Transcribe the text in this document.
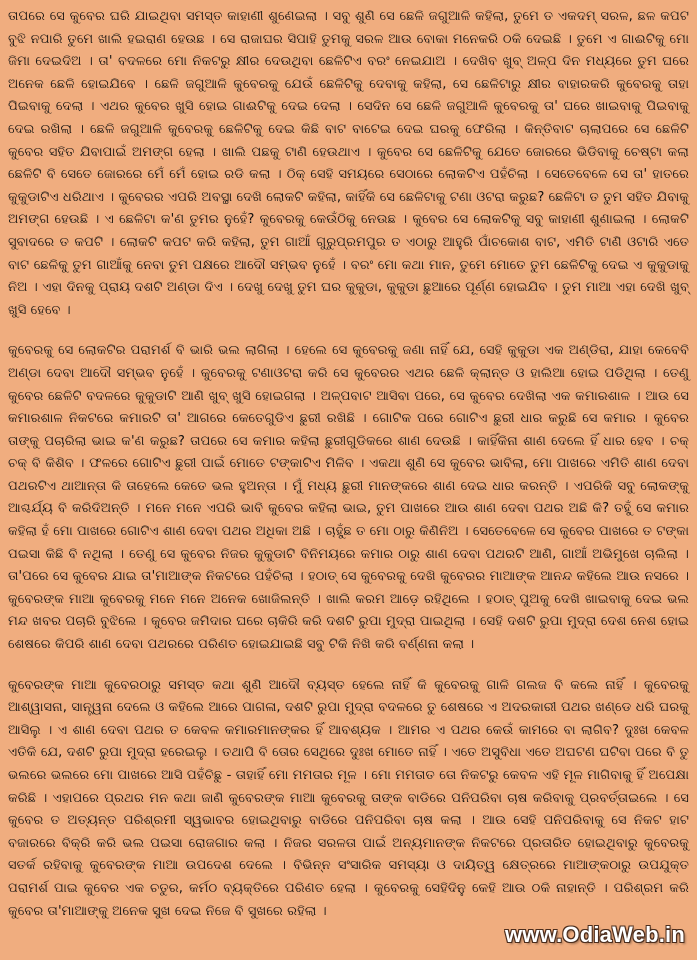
ତାପରେ ସେ କୁବେର ଘରି ଯାଇଥିବା ସମସ୍ତ କାହାଣୀ ଶୁଣେଇଲା । ସବୁ ଶୁଣି ସେ ଛେଳି ଜଗୁଆଳି କହିଲା, ତୁମେ ତ ଏକଦମ୍ ସରଳ, ଛଳ କପଟ ବୁଝି ନପାରି ତୁମେ ଖାଲି ହଇରାଣ ହେଉଛ । ସେ ରାଜାଘର ସିପାହି ତୁମକୁ ସରଳ ଆଉ ବୋକା ମନେକରି ଠକି ଦେଇଛି । ତୁମେ ଏ ଗାଈଟିକୁ ମୋ ଜିମା ଦେଇଦିଅ । ତା' ବଦଳରେ ମୋ ନିକଟରୁ କ୍ଷୀର ଦେଉଥିବା ଛେଳିଟିଏ ବରଂ ନେଇଯାଅ । ଦେଖିବ ଖୁବ୍ ଅଳ୍ପ ଦିନ ମଧ୍ୟରେ ତୁମ ଘରେ ଅନେକ ଛେଳି ହୋଇଯିବେ । ଛେଳି ଜଗୁଆଳି କୁବେରକୁ ଯେଉଁ ଛେଳିଟିକୁ ଦେବାକୁ କହିଲା, ସେ ଛେଳିଟାରୁ କ୍ଷୀର ବାହାରକରି କୁବେରକୁ ତାହା ପିଇବାକୁ ଦେଲା । ଏଥର କୁବେର ଖୁସି ହୋଇ ଗାଈଟିକୁ ଦେଇ ଦେଲା । ସେଦିନ ସେ ଛେଳି ଜଗୁଆଳି କୁବେରକୁ ତା' ଘରେ ଖାଇବାକୁ ପିଇବାକୁ ଦେଇ ରଖିଲା । ଛେଳି ଜଗୁଆଳି କୁବେରକୁ ଛେଳିଟିକୁ ଦେଇ କିଛି ବାଟ ବାଟେଇ ଦେଇ ଘରକୁ ଫେରିଲା । କିନ୍ତିବାଟ ଚାଲାପରେ ସେ ଛେଳିଟି କୁବେର ସହିତ ଯିବାପାଇଁ ଅମଙ୍ଗ ହେଲା । ଖାଲି ପଛକୁ ଟାଣି ହେଉଥାଏ । କୁବେର ସେ ଛେଳିଟିକୁ ଯେତେ ଜୋରରେ ଭିଡିବାକୁ ଚେଷ୍ଟା କଲା ଛେଳିଟି ବି ସେତେ ଜୋରରେ ମେଁ ମେଁ ହୋଇ ରଡି କଲା । ଠିକ୍ ସେହି ସମୟରେ ସେଠାରେ ଲୋକଟିଏ ପହଁଚିଲା । ସେତେବେଳେ ସେ ତା' ହାତରେ କୁକୁଡାଟିଏ ଧରିଥାଏ । କୁବେରର ଏପରି ଅବସ୍ଥା ଦେଖି ଲୋକଟି କହିଲା, କାହିଁକି ସେ ଛେଳିଟାକୁ ଟଣା ଓଟରା କରୁଛ? ଛେଳିଟା ତ ତୁମ ସହିତ ଯିବାକୁ ଅମଙ୍ଗ ହେଉଛି । ଏ ଛେଳିଟା କ'ଣ ତୁମର ନୁହେଁ? କୁବେରକୁ କେଉଁଠିକୁ ନେଉଛ । କୁବେର ସେ ଲୋକଟିକୁ ସବୁ କାହାଣୀ ଶୁଣାଇଲା । ଲୋକଟି ସୁବାଦରେ ତ କପଟି । ଲୋକଟି କପଟ କରି କହିଲା, ତୁମ ଗାଆଁ ଗୁରୁପ୍ରମପୁର ତ ଏଠାରୁ ଆହୁରି ପାଁଚକୋଶ ବାଟ, ଏମିତି ଟାଣି ଓଟାରି ଏତେ ବାଟ ଛେଳିକୁ ତୁମ ଗାଆଁକୁ ନେବା ତୁମ ପକ୍ଷରେ ଆଦୌ ସମ୍ଭବ ନୁହେଁ । ବରଂ ମୋ କଥା ମାନ, ତୁମେ ମୋତେ ତୁମ ଛେଳିଟିକୁ ଦେଇ ଏ କୁକୁଡାକୁ ନିଅ । ଏହା ଦିନକୁ ପ୍ରାୟ ଦଶଟି ଅଣ୍ଡା ଦିଏ । ଦେଖୁ ଦେଖୁ ତୁମ ଘର କୁକୁଡା, କୁକୁଡା ଛୁଆରେ ପୂର୍ଣ୍ଣ ହୋଇଯିବ । ତୁମ ମାଆ ଏହା ଦେଖି ଖୁବ୍ ଖୁସି ହେବେ ।

କୁବେରକୁ ସେ ଲୋକଟିର ପରାମର୍ଶ ବି ଭାରି ଭଲ ଲାଗିଲା । ହେଲେ ସେ କୁବେରକୁ ଜଣା ନାହିଁ ଯେ, ସେହି କୁକୁଡା ଏକ ଅଣ୍ଡିରା, ଯାହା କେବେବି ଅଣ୍ଡା ଦେବା ଆଦୌ ସମ୍ଭବ ନୁହେଁ । କୁବେରକୁ ଟଣାଓଟରା କରି ସେ କୁବେରର ଏଥର ଛେଳି କ୍ଲାନ୍ତ ଓ ହାଲିଆ ହୋଇ ପଡିଥିଲା । ତେଣୁ କୁବେର ଛେଳିଟି ବଦଳରେ କୁକୁଡାଟି ଆଣି ଖୁବ୍ ଖୁସି ହୋଇଗଲା । ଅଳ୍ପବାଟ ଆସିବା ପରେ, ସେ କୁବେର ଦେଖିଲା ଏକ କମାରଶାଳ । ଆଉ ସେ କମାରଶାଳ ନିକଟରେ କମାରଟି ତା' ଆଗରେ କେତେଗୁଡିଏ ଛୁରୀ ରଖିଛି । ଗୋଟିକ ପରେ ଗୋଟିଏ ଛୁରୀ ଧାର କରୁଛି ସେ କମାର । କୁବେର ତାଙ୍କୁ ପଚାରିଲା ଭାଇ କ'ଣ କରୁଛ? ତାପରେ ସେ କମାର କହିଲା ଛୁରୀଗୁଡିକରେ ଶାଣ ଦେଉଛି । କାହିଁକିନା ଶାଣ ଦେଲେ ହିଁ ଧାର ହେବ । ଚକ୍ ଚକ୍ ବି କିଶିବ । ଫଳରେ ଗୋଟିଏ ଛୁରୀ ପାଇଁ ମୋତେ ଟଙ୍କାଟିଏ ମିଳିବ । ଏକଥା ଶୁଣି ସେ କୁବେର ଭାବିଲା, ମୋ ପାଖରେ ଏମିତି ଶାଣ ଦେବା ପଥରଟିଏ ଥାଆନ୍ତା କି ତାହେଲେ କେତେ ଭଲ ହୁଅନ୍ତା । ମୁଁ ମଧ୍ୟ ଛୁରୀ ମାନଙ୍କରେ ଶାଣ ଦେଇ ଧାର କରନ୍ତି । ଏପରିକି ସବୁ ଲୋକଙ୍କୁ ଆଶ୍ଚର୍ଯ୍ୟ ବି କରିଦିଅନ୍ତି । ମନେ ମନେ ଏପରି ଭାବି କୁବେର କହିଲା ଭାଇ, ତୁମ ପାଖରେ ଆଉ ଶାଣ ଦେବା ପଥର ଅଛି କି? ତହୁଁ ସେ କମାର କହିଲା ହଁ ମୋ ପାଖରେ ଗୋଟିଏ ଶାଣ ଦେବା ପଥର ଅଧିକା ଅଛି । ଚାହୁଁଛ ତ ମୋ ଠାରୁ କିଣିନିଅ । ସେତେବେଳେ ସେ କୁବେର ପାଖରେ ତ ଟଙ୍କା ପଇସା କିଛି ବି ନଥିଲା । ତେଣୁ ସେ କୁବେର ନିଜର କୁକୁଡାଟି ବିନିମୟରେ କମାର ଠାରୁ ଶାଣ ଦେବା ପଥରଟି ଆଣି, ଗାଆଁ ଅଭିମୁଖେ ଚାଲିଲା । ତା'ପରେ ସେ କୁବେର ଯାଇ ତା'ମାଆଙ୍କ ନିକଟରେ ପହଁଚିଲା । ହଠାତ୍ ସେ କୁବେରକୁ ଦେଖି କୁବେରର ମାଆଙ୍କ ଆନନ୍ଦ କହିଲେ ଆଉ ନସରେ । କୁବେରଙ୍କ ମାଆ କୁବେରକୁ ମନେ ମନେ ଅନେକ ଖୋଜିଲନ୍ତି । ଖାଲି କରମ ଆଡ଼େ ରହିଥିଲେ । ହଠାତ୍ ପୁଅକୁ ଦେଖି ଖାଇବାକୁ ଦେଇ ଭଲ ମନ୍ଦ ଖବର ପଚାରି ବୁଝିଲେ । କୁବେର ଜମିଦାର ଘରେ ଚାକିରି କରି ଦଶଟି ରୁପା ମୁଦ୍ରା ପାଇଥିଲା । ସେହି ଦଶଟି ରୁପା ମୁଦ୍ରା ଦେଶ ନେଶ ହୋଇ ଶେଷରେ କିପରି ଶାଣ ଦେବା ପଥରରେ ପରିଣତ ହୋଇଯାଇଛି ସବୁ ଟିକି ନିଖି କରି ବର୍ଣ୍ଣନା କଲା ।

କୁବେରଙ୍କ ମାଆ କୁବେରଠାରୁ ସମସ୍ତ କଥା ଶୁଣି ଆଦୌ ବ୍ୟସ୍ତ ହେଲେ ନାହିଁ କି କୁବେରକୁ ଗାଳି ଗଲଜ ବି କଲେ ନାହିଁ । କୁବେରକୁ ଆଶ୍ୱାସନା, ସାନ୍ତ୍ୱନା ଦେଲେ ଓ କହିଲେ ଆରେ ପାଗଳା, ଦଶଟି ରୁପା ମୁଦ୍ରା ବଦଳରେ ତୁ ଶେଷରେ ଏ ଅଦରକାରୀ ପଥର ଖଣ୍ଡେ ଧରି ଘରକୁ ଆସିଲୁ । ଏ ଶାଣ ଦେବା ପଥର ତ କେବଳ କମାରମାନଙ୍କର ହିଁ ଆବଶ୍ୟକ । ଆମର ଏ ପଥର କେଉଁ କାମରେ ବା ଲାଗିବ? ଦୁଃଖ କେବଳ ଏତିକି ଯେ, ଦଶଟି ରୁପା ମୁଦ୍ରା ହରେଇଲୁ । ତଥାପି ବି ତୋର ସେଥିରେ ଦୁଃଖ ମୋତେ ନାହିଁ । ଏତେ ଅସୁବିଧା ଏତେ ଅଘଟଣ ଘଟିବା ପରେ ବି ତୁ ଭଲରେ ଭଲରେ ମୋ ପାଖରେ ଆସି ପହଁଚିଛୁ - ତାହାହିଁ ମୋ ମମତାର ମୂଳ । ମୋ ମମତାତ ତୋ ନିକଟରୁ କେବଳ ଏହି ମୂଳ ମାଗିବାକୁ ହିଁ ଅପେକ୍ଷା କରିଛି । ଏହାପରେ ପ୍ରଥର ମନ କଥା ଜାଣି କୁବେରଙ୍କ ମାଆ କୁବେରକୁ ତାଙ୍କ ବାଡିରେ ପନିପରିବା ଚାଷ କରିବାକୁ ପ୍ରବର୍ତ୍ତାଇଲେ । ସେ କୁବେର ତ ଅତ୍ୟନ୍ତ ପରିଶ୍ରମୀ ସ୍ୱଭାବର ହୋଇଥିବାରୁ ବାଡିରେ ପନିପରିବା ଚାଷ କଲା । ଆଉ ସେହି ପନିପରିବାକୁ ସେ ନିକଟ ହାଟ ବଜାରରେ ବିକ୍ରି କରି ଭଲ ପଇସା ରୋଜଗାର କଲା । ନିଜର ସରଳତା ପାଇଁ ଅନ୍ୟମାନଙ୍କ ନିକଟରେ ପ୍ରତାରିତ ହୋଇଥିବାରୁ କୁବେରକୁ ସତର୍କ ରହିବାକୁ କୁବେରଙ୍କ ମାଆ ଉପଦେଶ ଦେଲେ । ବିଭିନ୍ନ ସଂସାରିକ ସମସ୍ୟା ଓ ଦାୟିତ୍ୱ କ୍ଷେତ୍ରରେ ମାଆଙ୍କଠାରୁ ଉପଯୁକ୍ତ ପରାମର୍ଶ ପାଇ କୁବେର ଏକ ଚତୁର, କର୍ମଠ ବ୍ୟକ୍ତିରେ ପରିଣତ ହେଲା । କୁବେରକୁ ସେହିଦିନୁ କେହି ଆଉ ଠକି ନାହାନ୍ତି । ପରିଶ୍ରମ କରି କୁବେର ତା'ମାଆଙ୍କୁ ଅନେକ ସୁଖ ଦେଇ ନିଜେ ବି ସୁଖରେ ରହିଲା ।

www.OdiaWeb.in
